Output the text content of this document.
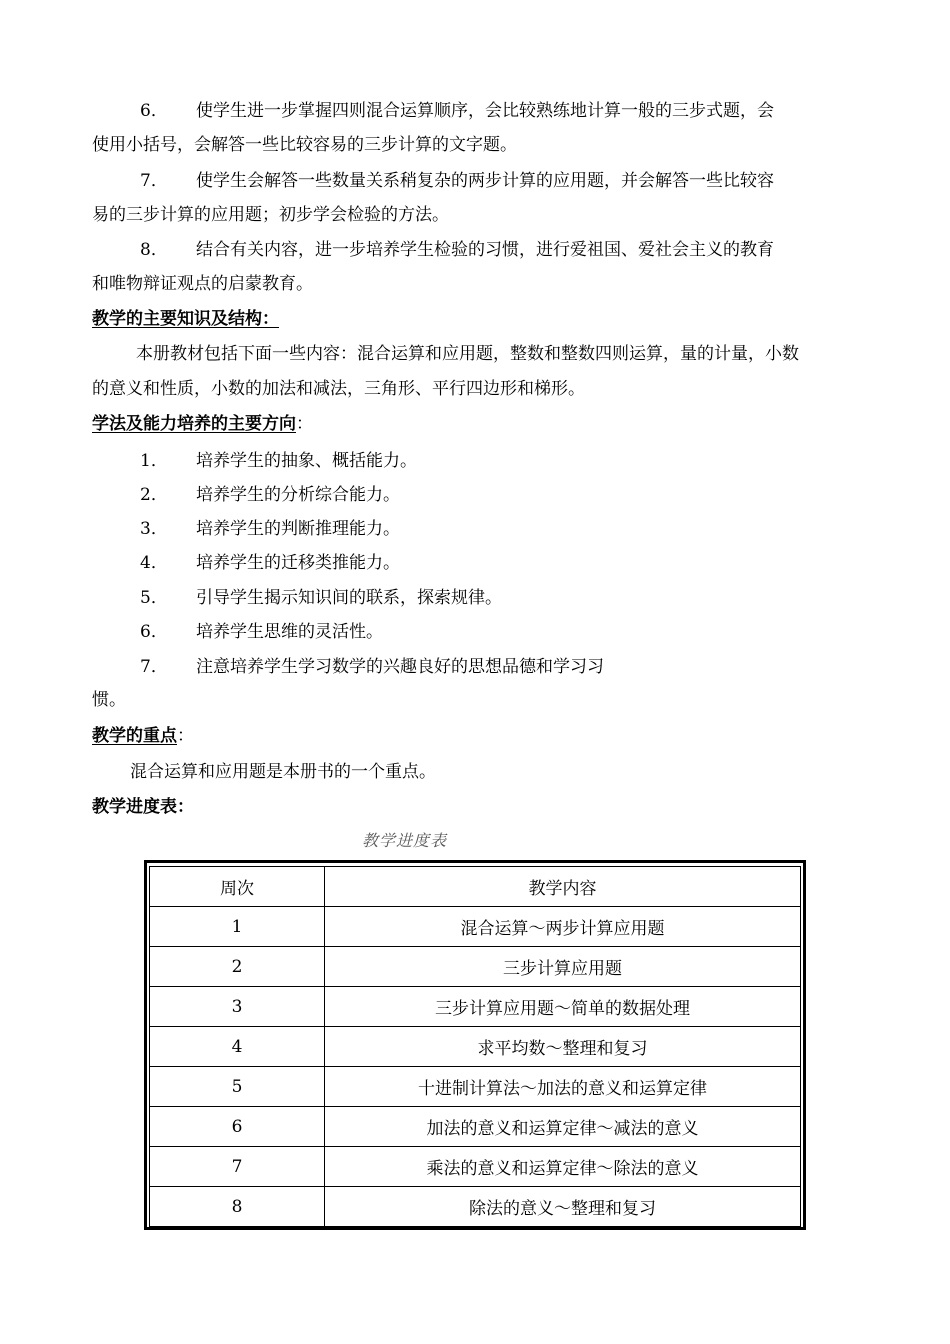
6． 使学生进一步掌握四则混合运算顺序，会比较熟练地计算一般的三步式题，会
使用小括号，会解答一些比较容易的三步计算的文字题。
7． 使学生会解答一些数量关系稍复杂的两步计算的应用题，并会解答一些比较容
易的三步计算的应用题；初步学会检验的方法。
8． 结合有关内容，进一步培养学生检验的习惯，进行爱祖国、爱社会主义的教育
和唯物辩证观点的启蒙教育。
教学的主要知识及结构：
本册教材包括下面一些内容：混合运算和应用题，整数和整数四则运算，量的计量，小数
的意义和性质，小数的加法和减法，三角形、平行四边形和梯形。
学法及能力培养的主要方向：
1． 培养学生的抽象、概括能力。
2． 培养学生的分析综合能力。
3． 培养学生的判断推理能力。
4． 培养学生的迁移类推能力。
5． 引导学生揭示知识间的联系，探索规律。
6． 培养学生思维的灵活性。
7． 注意培养学生学习数学的兴趣良好的思想品德和学习习
惯。
教学的重点：
混合运算和应用题是本册书的一个重点。
教学进度表：
教学进度表
周次	教学内容
1	混合运算～两步计算应用题
2	三步计算应用题
3	三步计算应用题～简单的数据处理
4	求平均数～整理和复习
5	十进制计算法～加法的意义和运算定律
6	加法的意义和运算定律～减法的意义
7	乘法的意义和运算定律～除法的意义
8	除法的意义～整理和复习
